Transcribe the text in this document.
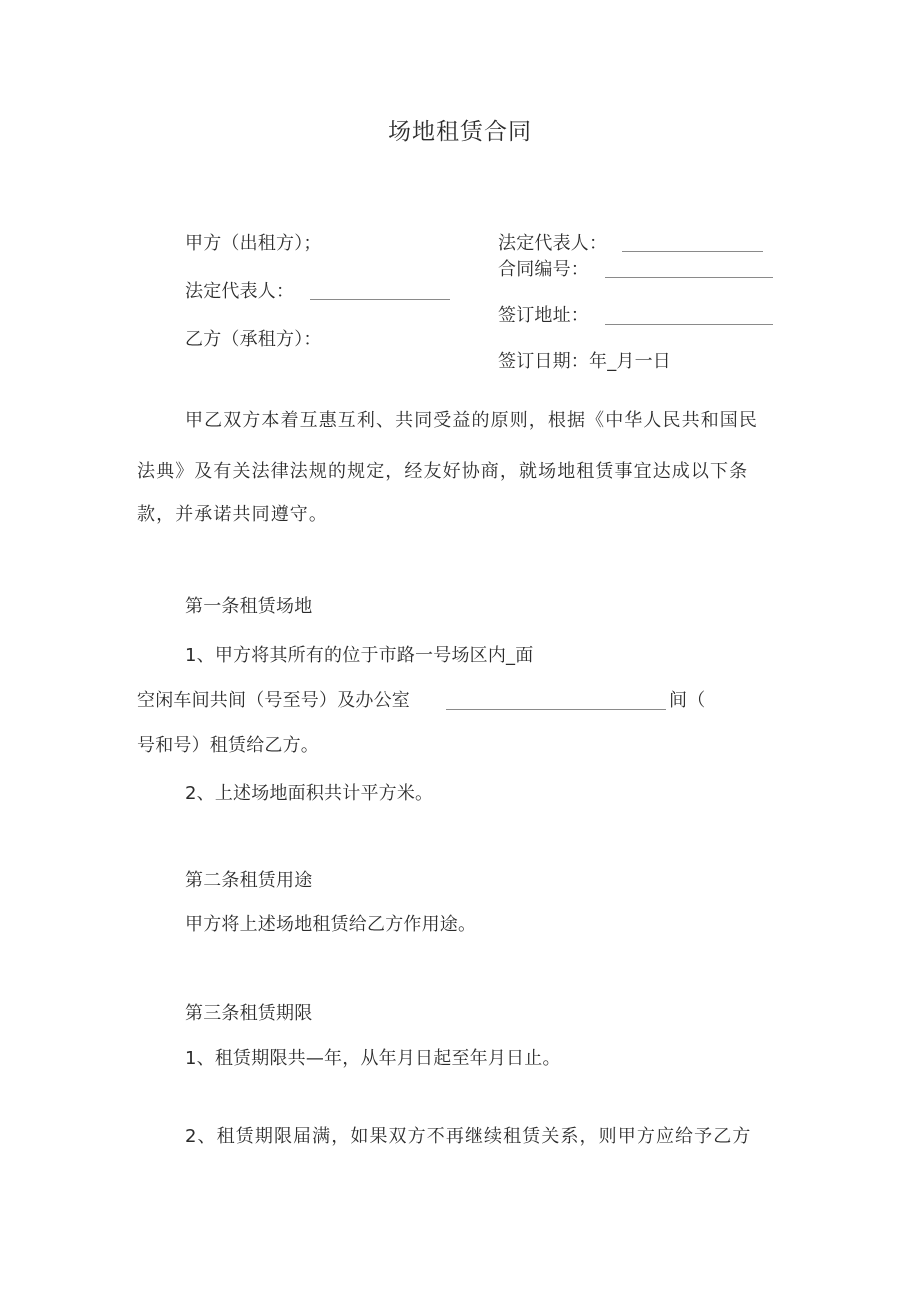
场地租赁合同
甲方（出租方）；
法定代表人：
乙方（承租方）：
法定代表人：
合同编号：
签订地址：
签订日期：年_月一日
甲乙双方本着互惠互利、共同受益的原则，根据《中华人民共和国民
法典》及有关法律法规的规定，经友好协商，就场地租赁事宜达成以下条
款，并承诺共同遵守。
第一条租赁场地
1、甲方将其所有的位于市路一号场区内_面
空闲车间共间（号至号）及办公室	间（
号和号）租赁给乙方。
2、上述场地面积共计平方米。
第二条租赁用途
甲方将上述场地租赁给乙方作用途。
第三条租赁期限
1、租赁期限共—年，从年月日起至年月日止。
2、租赁期限届满，如果双方不再继续租赁关系，则甲方应给予乙方
